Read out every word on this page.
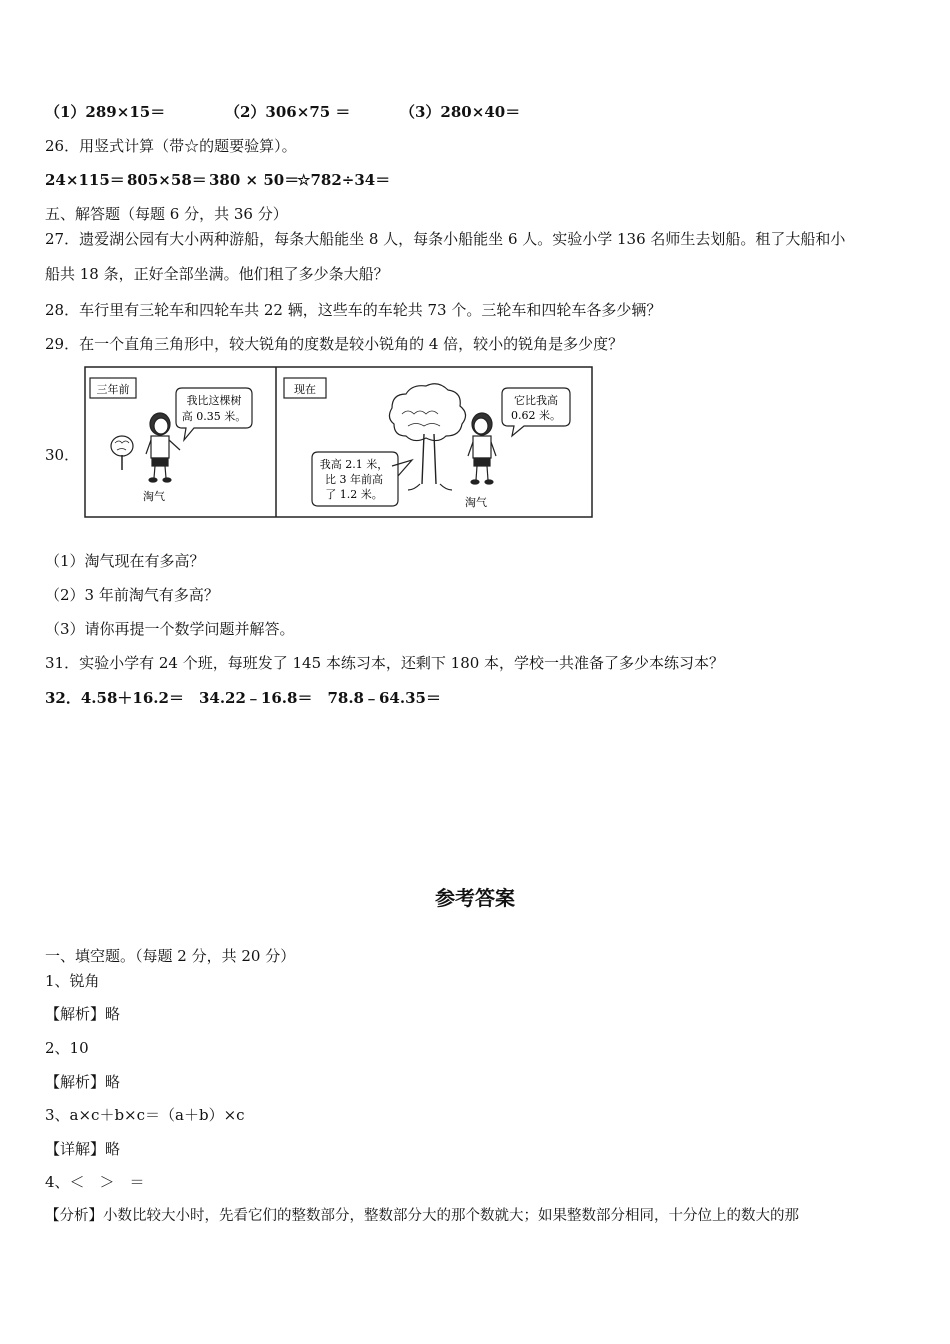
（1）289×15＝	（2）306×75 ＝	（3）280×40＝
26．用竖式计算（带☆的题要验算）。
24×115＝ 805×58＝ 380 × 50＝☆782÷34＝
五、解答题（每题 6 分，共 36 分）
27．遗爱湖公园有大小两种游船，每条大船能坐 8 人，每条小船能坐 6 人。实验小学 136 名师生去划船。租了大船和小
船共 18 条，正好全部坐满。他们租了多少条大船？
28．车行里有三轮车和四轮车共 22 辆，这些车的车轮共 73 个。三轮车和四轮车各多少辆？
29．在一个直角三角形中，较大锐角的度数是较小锐角的 4 倍，较小的锐角是多少度？
30．
三年前
淘气
我比这棵树
高 0.35 米。
现在
淘气
它比我高
0.62 米。
我高 2.1 米，
比 3 年前高
了 1.2 米。
（1）淘气现在有多高？
（2）3 年前淘气有多高？
（3）请你再提一个数学问题并解答。
31．实验小学有 24 个班，每班发了 145 本练习本，还剩下 180 本，学校一共准备了多少本练习本？
32．4.58＋16.2＝　34.22﹣16.8＝　78.8﹣64.35＝
参考答案
一、填空题。（每题 2 分，共 20 分）
1、锐角
【解析】略
2、10
【解析】略
3、a×c＋b×c＝（a＋b）×c
【详解】略
4、＜　＞　＝
【分析】小数比较大小时，先看它们的整数部分，整数部分大的那个数就大；如果整数部分相同，十分位上的数大的那
